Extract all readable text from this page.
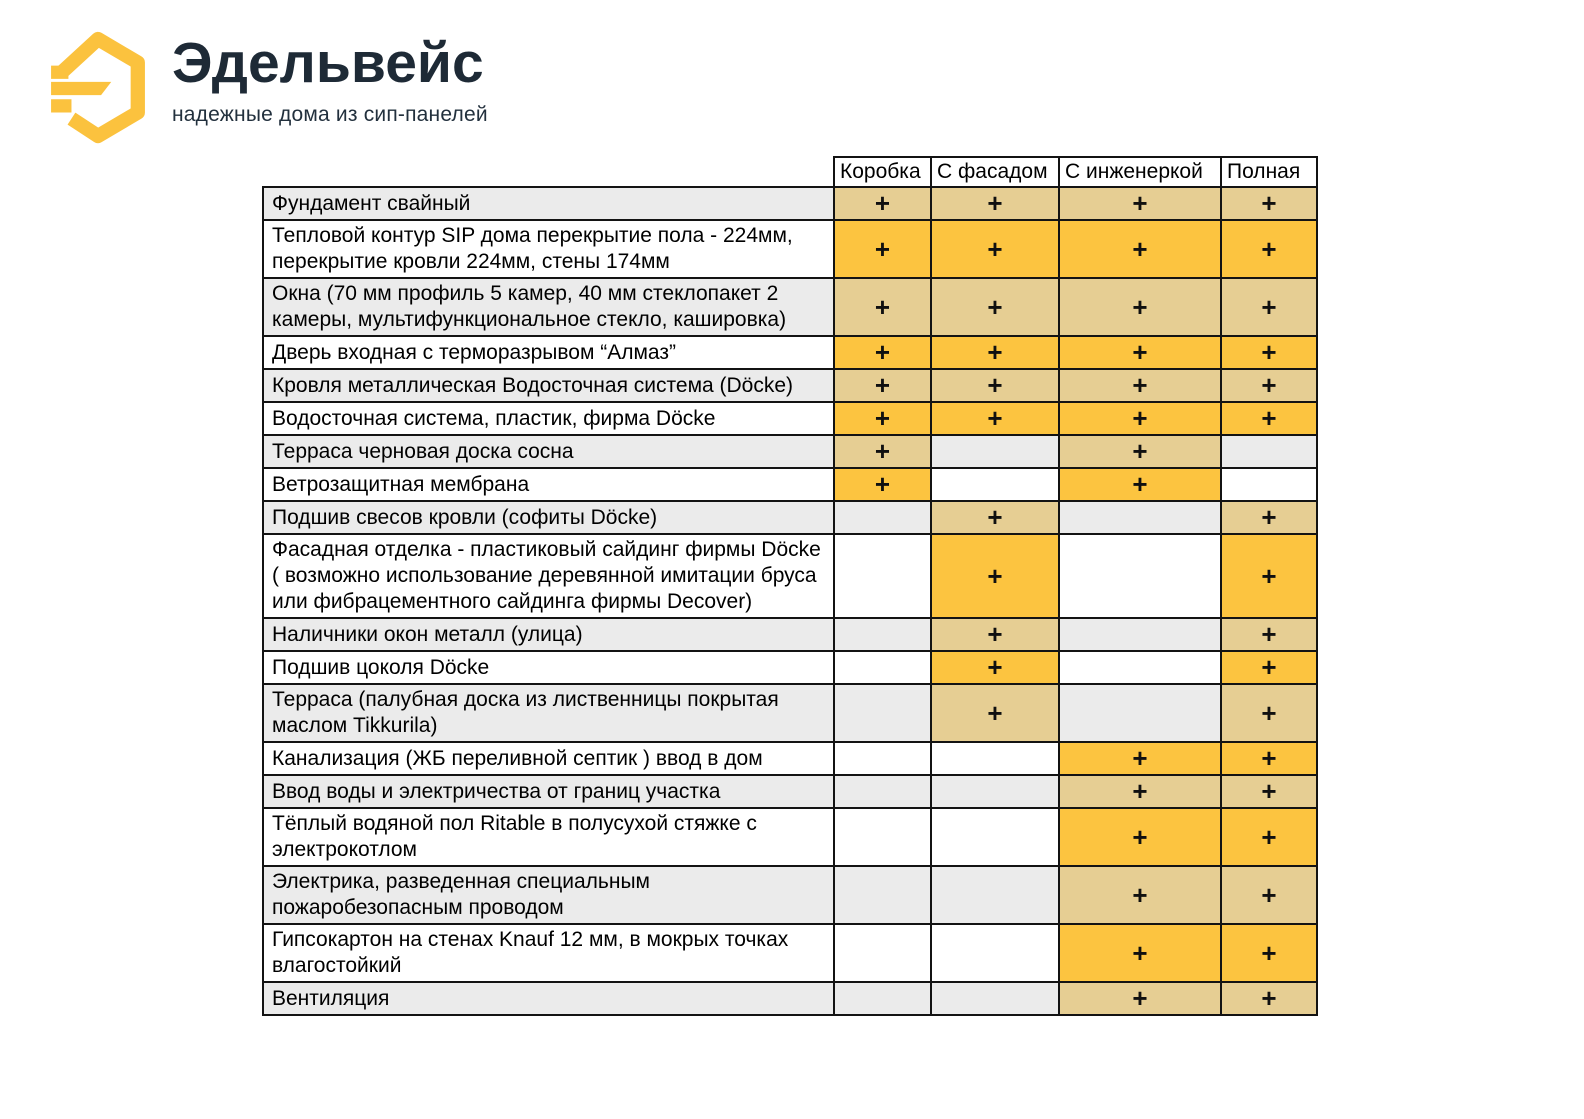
Эдельвейс
надежные дома из сип-панелей
	Коробка	С фасадом	С инженеркой	Полная
Фундамент свайный	+	+	+	+
Тепловой контур SIP дома перекрытие пола - 224мм, перекрытие кровли 224мм, стены 174мм	+	+	+	+
Окна (70 мм профиль 5 камер, 40 мм стеклопакет 2 камеры, мультифункциональное стекло, кашировка)	+	+	+	+
Дверь входная с терморазрывом “Алмаз”	+	+	+	+
Кровля металлическая Водосточная система (Döcke)	+	+	+	+
Водосточная система, пластик, фирма Döcke	+	+	+	+
Терраса черновая доска сосна	+		+	
Ветрозащитная мембрана	+		+	
Подшив свесов кровли (софиты Döcke)		+		+
Фасадная отделка - пластиковый сайдинг фирмы Döcke ( возможно использование деревянной имитации бруса или фибрацементного сайдинга фирмы Decover)		+		+
Наличники окон металл (улица)		+		+
Подшив цоколя Döcke		+		+
Терраса (палубная доска из лиственницы покрытая маслом Tikkurila)		+		+
Канализация (ЖБ переливной септик ) ввод в дом			+	+
Ввод воды и электричества от границ участка			+	+
Тёплый водяной пол Ritable в полусухой стяжке с электрокотлом			+	+
Электрика, разведенная специальным пожаробезопасным проводом			+	+
Гипсокартон на стенах Knauf 12 мм, в мокрых точках влагостойкий			+	+
Вентиляция			+	+
